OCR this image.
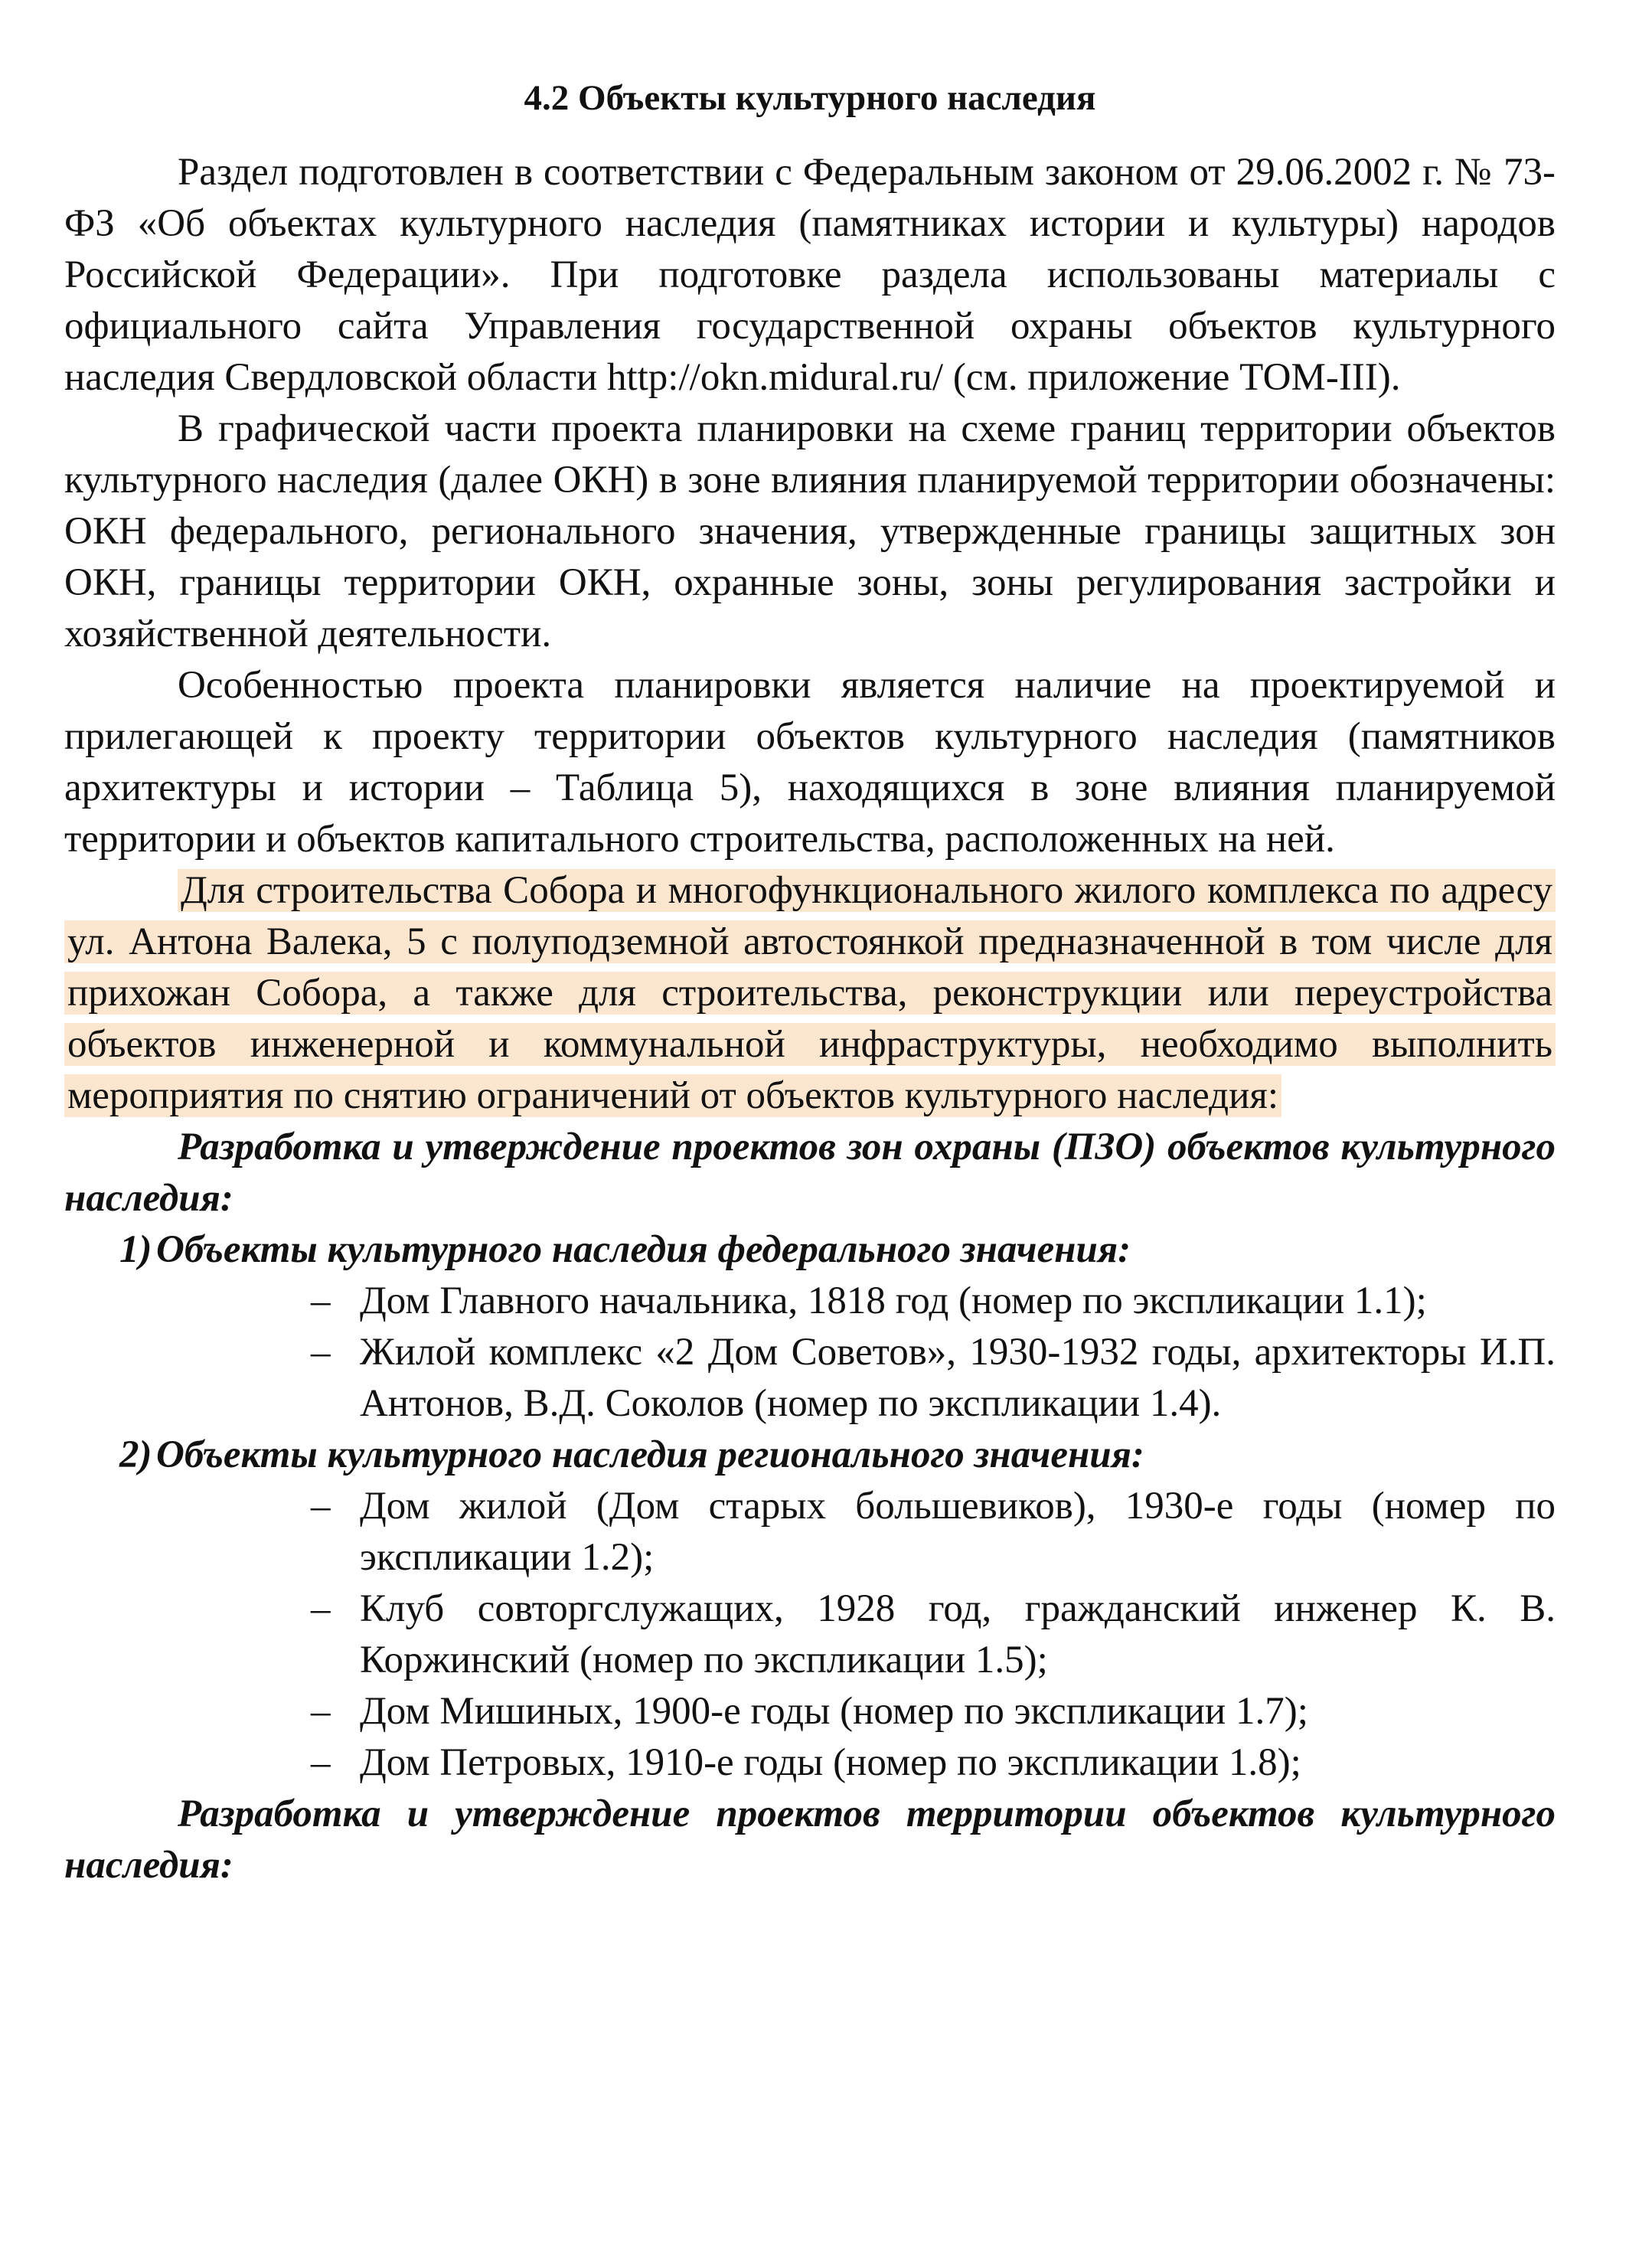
4.2 Объекты культурного наследия

Раздел подготовлен в соответствии с Федеральным законом от 29.06.2002 г. № 73-ФЗ «Об объектах культурного наследия (памятниках истории и культуры) народов Российской Федерации». При подготовке раздела использованы материалы с официального сайта Управления государственной охраны объектов культурного наследия Свердловской области http://okn.midural.ru/ (см. приложение ТОМ-III).

В графической части проекта планировки на схеме границ территории объектов культурного наследия (далее ОКН) в зоне влияния планируемой территории обозначены: ОКН федерального, регионального значения, утвержденные границы защитных зон ОКН, границы территории ОКН, охранные зоны, зоны регулирования застройки и хозяйственной деятельности.

Особенностью проекта планировки является наличие на проектируемой и прилегающей к проекту территории объектов культурного наследия (памятников архитектуры и истории – Таблица 5), находящихся в зоне влияния планируемой территории и объектов капитального строительства, расположенных на ней.

Для строительства Собора и многофункционального жилого комплекса по адресу ул. Антона Валека, 5 с полуподземной автостоянкой предназначенной в том числе для прихожан Собора, а также для строительства, реконструкции или переустройства объектов инженерной и коммунальной инфраструктуры, необходимо выполнить мероприятия по снятию ограничений от объектов культурного наследия:

Разработка и утверждение проектов зон охраны (ПЗО) объектов культурного наследия:

1) Объекты культурного наследия федерального значения:
– Дом Главного начальника, 1818 год (номер по экспликации 1.1);
– Жилой комплекс «2 Дом Советов», 1930-1932 годы, архитекторы И.П. Антонов, В.Д. Соколов (номер по экспликации 1.4).
2) Объекты культурного наследия регионального значения:
– Дом жилой (Дом старых большевиков), 1930-е годы (номер по экспликации 1.2);
– Клуб совторгслужащих, 1928 год, гражданский инженер К. В. Коржинский (номер по экспликации 1.5);
– Дом Мишиных, 1900-е годы (номер по экспликации 1.7);
– Дом Петровых, 1910-е годы (номер по экспликации 1.8);

Разработка и утверждение проектов территории объектов культурного наследия:
